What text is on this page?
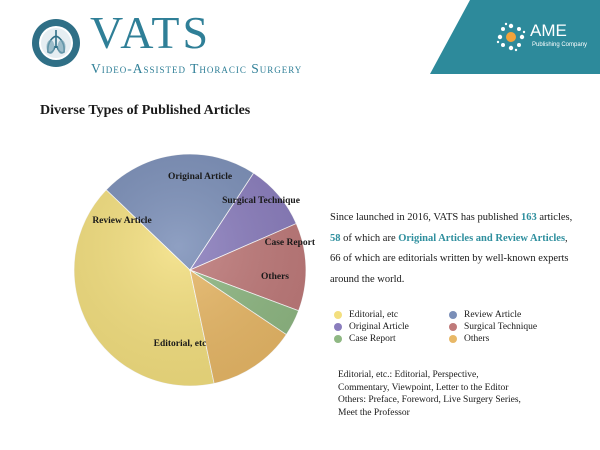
VATS
Video-Assisted Thoracic Surgery
AME
Publishing Company
Diverse Types of Published Articles
Editorial, etc
Review Article
Original Article
Surgical Technique
Case Report
Others
Since launched in 2016, VATS has published 163 articles, 58 of which are Original Articles and Review Articles, 66 of which are editorials written by well-known experts around the world.
Editorial, etc	Review Article
Original Article	Surgical Technique
Case Report	Others
Editorial, etc.: Editorial, Perspective,
Commentary, Viewpoint, Letter to the Editor
Others: Preface, Foreword, Live Surgery Series,
Meet the Professor
